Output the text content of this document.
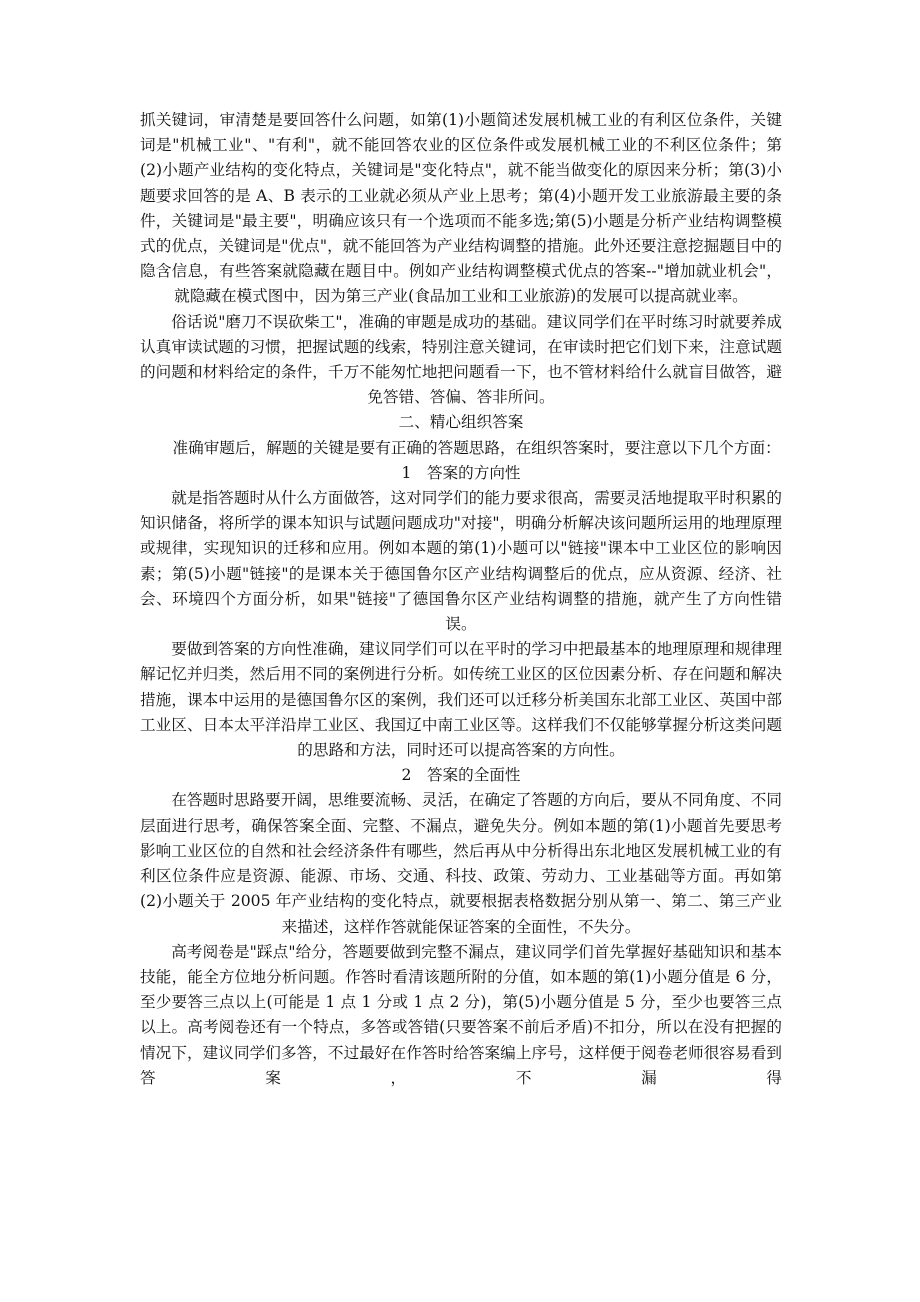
抓关键词，审清楚是要回答什么问题，如第(1)小题简述发展机械工业的有利区位条件，关键词是"机械工业"、"有利"，就不能回答农业的区位条件或发展机械工业的不利区位条件；第(2)小题产业结构的变化特点，关键词是"变化特点"，就不能当做变化的原因来分析；第(3)小题要求回答的是 A、B 表示的工业就必须从产业上思考；第(4)小题开发工业旅游最主要的条件，关键词是"最主要"，明确应该只有一个选项而不能多选;第(5)小题是分析产业结构调整模式的优点，关键词是"优点"，就不能回答为产业结构调整的措施。此外还要注意挖掘题目中的隐含信息，有些答案就隐藏在题目中。例如产业结构调整模式优点的答案--"增加就业机会"，就隐藏在模式图中，因为第三产业(食品加工业和工业旅游)的发展可以提高就业率。

俗话说"磨刀不误砍柴工"，准确的审题是成功的基础。建议同学们在平时练习时就要养成认真审读试题的习惯，把握试题的线索，特别注意关键词，在审读时把它们划下来，注意试题的问题和材料给定的条件，千万不能匆忙地把问题看一下，也不管材料给什么就盲目做答，避免答错、答偏、答非所问。

二、精心组织答案

准确审题后，解题的关键是要有正确的答题思路，在组织答案时，要注意以下几个方面：

1　答案的方向性

就是指答题时从什么方面做答，这对同学们的能力要求很高，需要灵活地提取平时积累的知识储备，将所学的课本知识与试题问题成功"对接"，明确分析解决该问题所运用的地理原理或规律，实现知识的迁移和应用。例如本题的第(1)小题可以"链接"课本中工业区位的影响因素；第(5)小题"链接"的是课本关于德国鲁尔区产业结构调整后的优点，应从资源、经济、社会、环境四个方面分析，如果"链接"了德国鲁尔区产业结构调整的措施，就产生了方向性错误。

要做到答案的方向性准确，建议同学们可以在平时的学习中把最基本的地理原理和规律理解记忆并归类，然后用不同的案例进行分析。如传统工业区的区位因素分析、存在问题和解决措施，课本中运用的是德国鲁尔区的案例，我们还可以迁移分析美国东北部工业区、英国中部工业区、日本太平洋沿岸工业区、我国辽中南工业区等。这样我们不仅能够掌握分析这类问题的思路和方法，同时还可以提高答案的方向性。

2　答案的全面性

在答题时思路要开阔，思维要流畅、灵活，在确定了答题的方向后，要从不同角度、不同层面进行思考，确保答案全面、完整、不漏点，避免失分。例如本题的第(1)小题首先要思考影响工业区位的自然和社会经济条件有哪些，然后再从中分析得出东北地区发展机械工业的有利区位条件应是资源、能源、市场、交通、科技、政策、劳动力、工业基础等方面。再如第(2)小题关于 2005 年产业结构的变化特点，就要根据表格数据分别从第一、第二、第三产业来描述，这样作答就能保证答案的全面性，不失分。

高考阅卷是"踩点"给分，答题要做到完整不漏点，建议同学们首先掌握好基础知识和基本技能，能全方位地分析问题。作答时看清该题所附的分值，如本题的第(1)小题分值是 6 分，至少要答三点以上(可能是 1 点 1 分或 1 点 2 分)，第(5)小题分值是 5 分，至少也要答三点以上。高考阅卷还有一个特点，多答或答错(只要答案不前后矛盾)不扣分，所以在没有把握的情况下，建议同学们多答，不过最好在作答时给答案编上序号，这样便于阅卷老师很容易看到答案，不漏得
